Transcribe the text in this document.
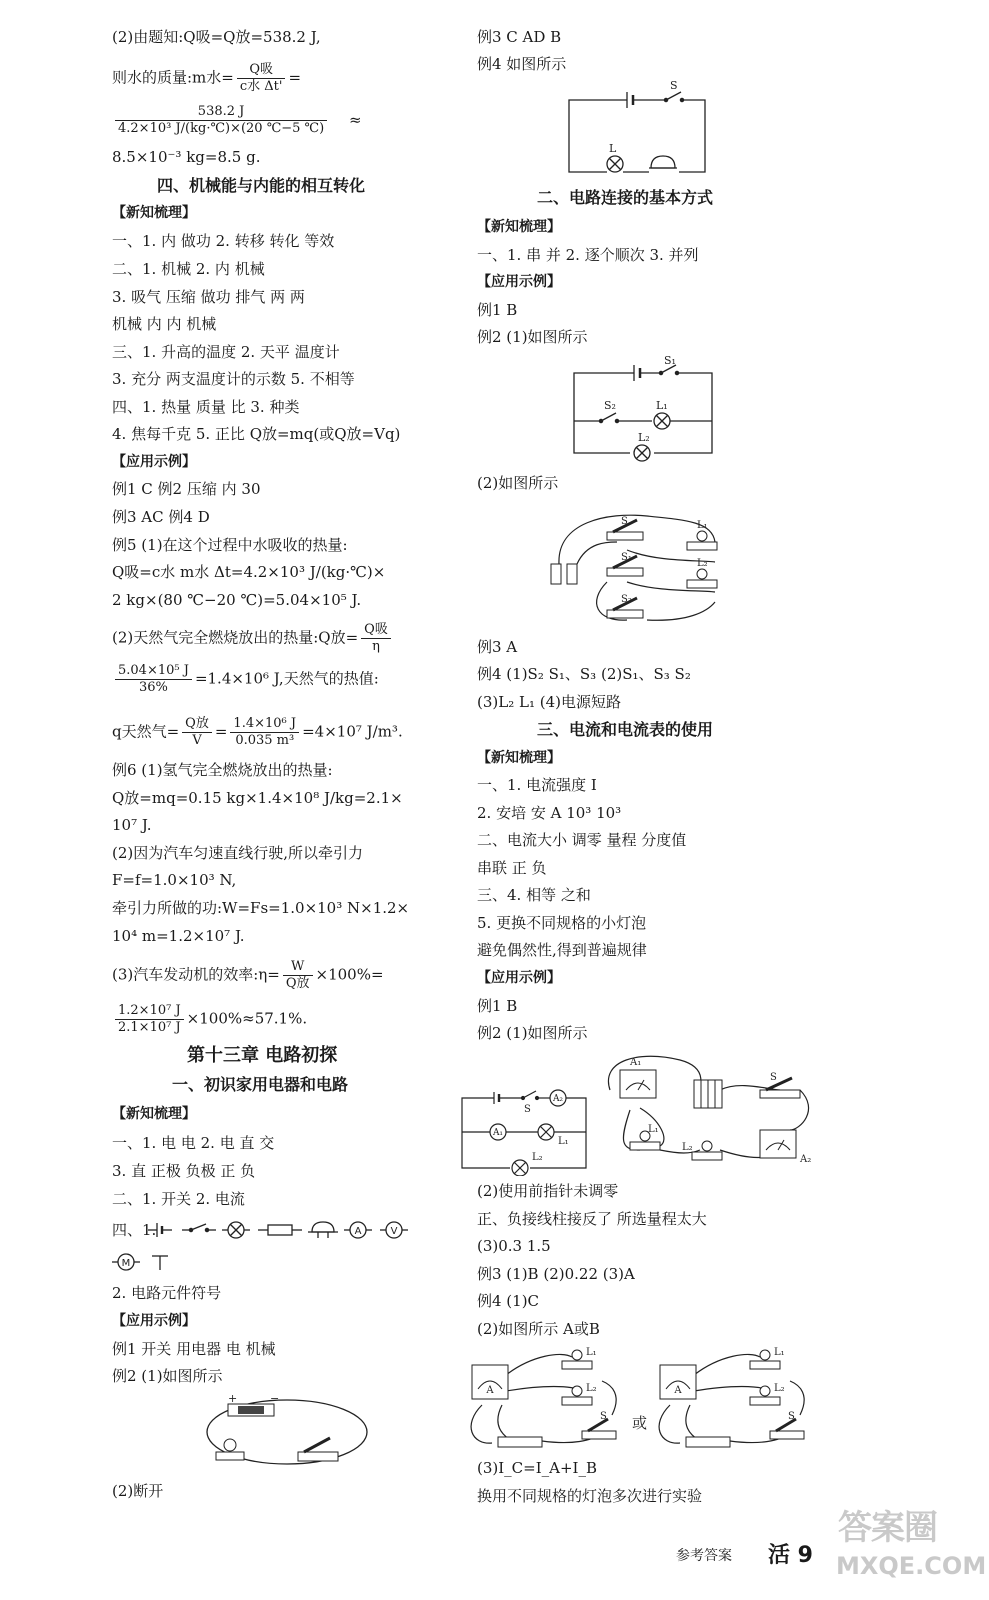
(2)由题知:Q吸=Q放=538.2 J,
则水的质量:m水= $\frac{\text{Q吸}}{\text{c水 Δt'}}$ =
$\frac{538.2 J}{\text{4.2×10³ J/(kg·℃)×(20 ℃−5 ℃)}}$ ≈
8.5×10⁻³ kg=8.5 g.
四、机械能与内能的相互转化
【新知梳理】
一、1. 内 做功 2. 转移 转化 等效
二、1. 机械 2. 内 机械
3. 吸气 压缩 做功 排气 两 两
机械 内 内 机械
三、1. 升高的温度 2. 天平 温度计
3. 充分 两支温度计的示数 5. 不相等
四、1. 热量 质量 比 3. 种类
4. 焦每千克 5. 正比 Q放=mq(或Q放=Vq)
【应用示例】
例1 C 例2 压缩 内 30
例3 AC 例4 D
例5 (1)在这个过程中水吸收的热量:
Q吸=c水 m水 Δt=4.2×10³ J/(kg·℃)×
2 kg×(80 ℃−20 ℃)=5.04×10⁵ J.
(2)天然气完全燃烧放出的热量:Q放= $\frac{\text{Q吸}}{\eta}$
$\frac{\text{5.04×10⁵ J}}{36\%} =1.4\times 10^6$ J,天然气的热值:
q天然气= $\frac{\text{Q放}}{V} = \frac{\text{1.4×10⁶ J}}{\text{0.035 m³}} =4\times 10^7$ J/m³.
例6 (1)氢气完全燃烧放出的热量:
Q放=mq=0.15 kg×1.4×10⁸ J/kg=2.1×
10⁷ J.
(2)因为汽车匀速直线行驶,所以牵引力
F=f=1.0×10³ N,
牵引力所做的功:W=Fs=1.0×10³ N×1.2×
10⁴ m=1.2×10⁷ J.
(3)汽车发动机的效率:η= $\frac{W}{\text{Q放}} \times 100\%=$
$\frac{\text{1.2×10⁷ J}}{\text{2.1×10⁷ J}} \times 100\%\approx 57.1\%$.
第十三章 电路初探
一、初识家用电器和电路
【新知梳理】
一、1. 电 电 2. 电 直 交
3. 直 正极 负极 正 负
二、1. 开关 2. 电流
四、1.	A	V
M
2. 电路元件符号
【应用示例】
例1 开关 用电器 电 机械
例2 (1)如图所示
+	−
(2)断开
例3 C AD B
例4 如图所示
S
L
二、电路连接的基本方式
【新知梳理】
一、1. 串 并 2. 逐个顺次 3. 并列
【应用示例】
例1 B
例2 (1)如图所示
S₁
S₂	L₁
L₂
(2)如图所示
S
S₁
S₂
L₁
L₂
例3 A
例4 (1)S₂ S₁、S₃ (2)S₁、S₃ S₂
(3)L₂ L₁ (4)电源短路
三、电流和电流表的使用
【新知梳理】
一、1. 电流强度 I
2. 安培 安 A 10³ 10³
二、电流大小 调零 量程 分度值
串联 正 负
三、4. 相等 之和
5. 更换不同规格的小灯泡
避免偶然性,得到普遍规律
【应用示例】
例1 B
例2 (1)如图所示
S
A₂
A₁
L₁
L₂
A₁
S
A₂
L₁
L₂
(2)使用前指针未调零
正、负接线柱接反了 所选量程太大
(3)0.3 1.5
例3 (1)B (2)0.22 (3)A
例4 (1)C
(2)如图所示 A或B
(3)I_C=I_A+I_B
换用不同规格的灯泡多次进行实验
A
L₁
L₂
S 或
A
L₁
L₂
S
参考答案 活 9
答案圈
MXQE.COM
